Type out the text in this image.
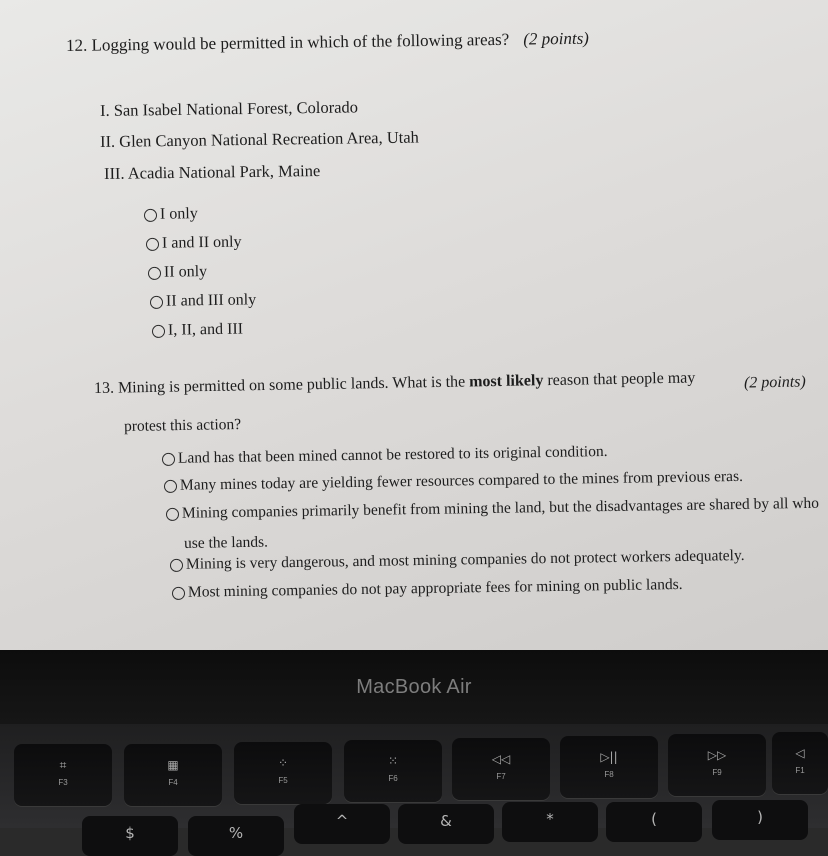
12. Logging would be permitted in which of the following areas? (2 points)
I. San Isabel National Forest, Colorado
II. Glen Canyon National Recreation Area, Utah
III. Acadia National Park, Maine
I only
I and II only
II only
II and III only
I, II, and III
13. Mining is permitted on some public lands. What is the most likely reason that people may	(2 points)
protest this action?
Land has that been mined cannot be restored to its original condition.
Many mines today are yielding fewer resources compared to the mines from previous eras.
Mining companies primarily benefit from mining the land, but the disadvantages are shared by all who
use the lands.
Mining is very dangerous, and most mining companies do not protect workers adequately.
Most mining companies do not pay appropriate fees for mining on public lands.
MacBook Air
⌗
F3
▦
F4
⁘
F5
⁙
F6
◁◁
F7
▷||
F8
▷▷
F9
◁
F1
$	%
^	&	*	(	)
